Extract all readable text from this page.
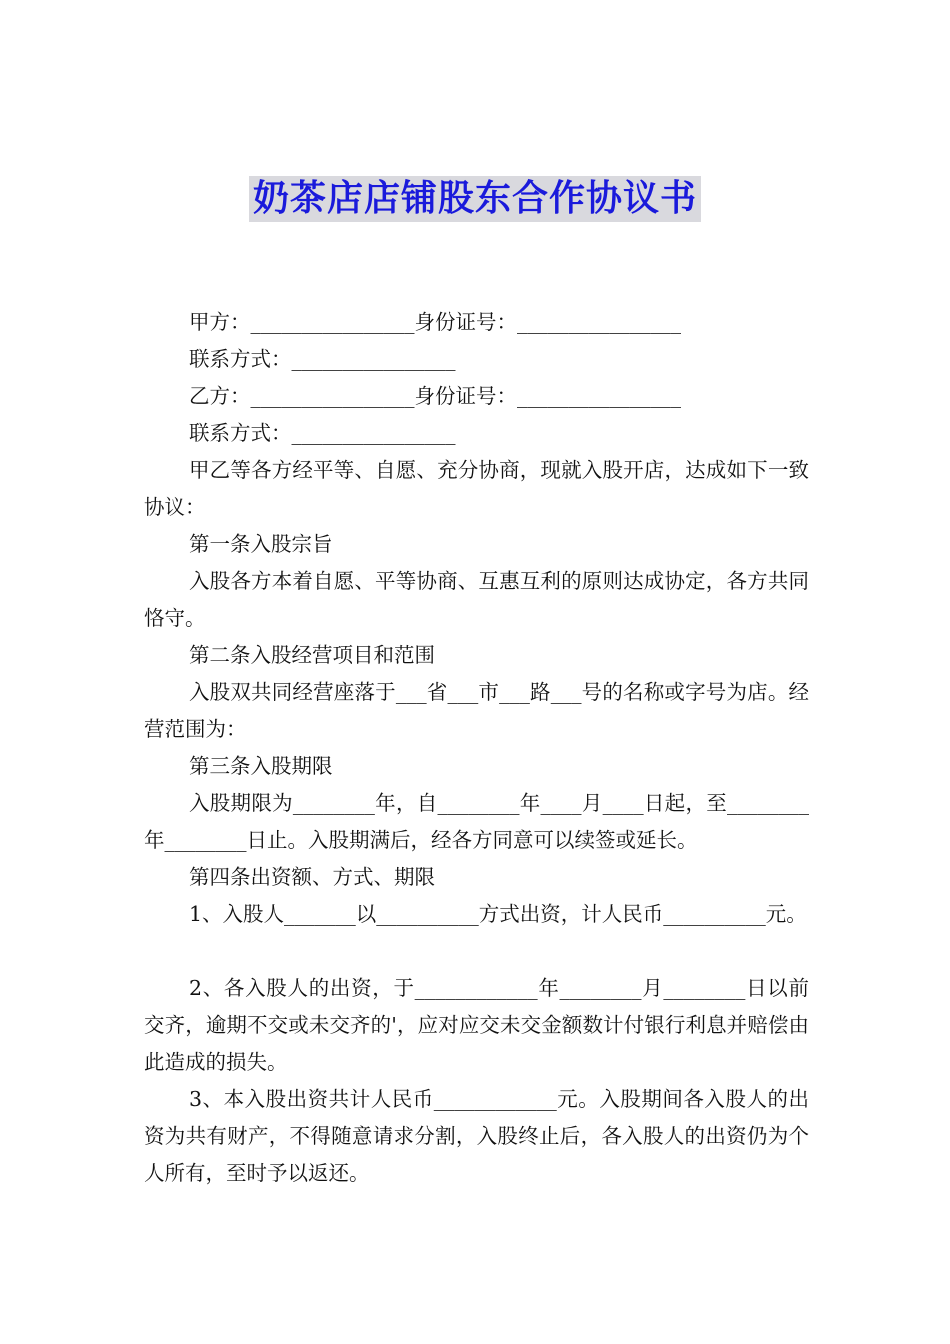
奶茶店店铺股东合作协议书

甲方：________________身份证号：________________

联系方式：________________

乙方：________________身份证号：________________

联系方式：________________

甲乙等各方经平等、自愿、充分协商，现就入股开店，达成如下一致协议：

第一条入股宗旨

入股各方本着自愿、平等协商、互惠互利的原则达成协定，各方共同恪守。

第二条入股经营项目和范围

入股双共同经营座落于___省___市___路___号的名称或字号为店。经营范围为：

第三条入股期限

入股期限为________年，自________年____月____日起，至________年________日止。入股期满后，经各方同意可以续签或延长。

第四条出资额、方式、期限

1、入股人_______以__________方式出资，计人民币__________元。

2、各入股人的出资，于____________年________月________日以前交齐，逾期不交或未交齐的'，应对应交未交金额数计付银行利息并赔偿由此造成的损失。

3、本入股出资共计人民币____________元。入股期间各入股人的出资为共有财产，不得随意请求分割，入股终止后，各入股人的出资仍为个人所有，至时予以返还。
